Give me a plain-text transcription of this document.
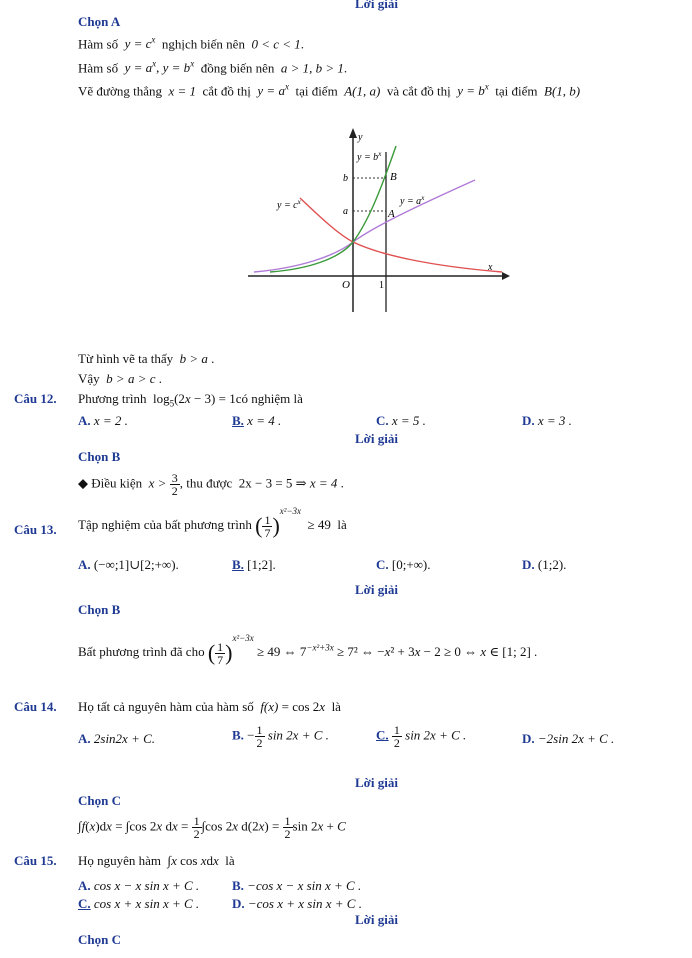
Lời giải
Chọn A
Hàm số $y = c^x$ nghịch biến nên 0 < c < 1.
Hàm số $y = a^x$, $y = b^x$ đồng biến nên a > 1, b > 1.
Vẽ đường thẳng x = 1 cắt đồ thị $y = a^x$ tại điểm A(1, a) và cắt đồ thị $y = b^x$ tại điểm B(1, b)
y
x
O	1
b
a
B
A
$y = b^x$
$y = a^x$
$y = c^x$
Từ hình vẽ ta thấy b > a .
Vậy b > a > c .
Câu 12. Phương trình  $\log_5(2x - 3)$ = 1có nghiệm là
A. x = 2 .	B. x = 4 .	C. x = 5 .	D. x = 3 .
Lời giải
Chọn B
◆ Điều kiện $x > \frac{3}{2}$ , thu được  2x − 3 = 5 ⇒ x = 4 .
Câu 13. Tập nghiệm của bất phương trình ( $\frac{1}{7} )^{x^2-3x} \ge 49$  là
A. (−∞;1]∪[2;+∞).	B. [1;2].	C. [0;+∞).	D. (1;2).
Lời giải
Chọn B
Bất phương trình đã cho ( $\frac{1}{7} )^{x^2-3x} \ge 49$ ⇔ $7^{-x^2+3x} \ge 7^2$ ⇔ −x² + 3x − 2 ≥ 0 ⇔ x ∈ [1; 2] .
Câu 14. Họ tất cả nguyên hàm của hàm số f(x) = cos 2x là
A. 2sin2x + C.	B. − $\frac{1}{2}$ sin 2x + C .	C. $\frac{1}{2}$ sin 2x + C .	D. −2sin 2x + C .
Lời giải
Chọn C
∫f(x)dx = ∫cos 2x dx = $\frac{1}{2} \int\cos$ 2x $d(2x) = \frac{1}{2}$ sin 2x + C
Câu 15. Họ nguyên hàm  ∫x cos xdx là
A. cos x − x sin x + C .	B. −cos x − x sin x + C .
C. cos x + x sin x + C .	D. −cos x + x sin x + C .
Lời giải
Chọn C
